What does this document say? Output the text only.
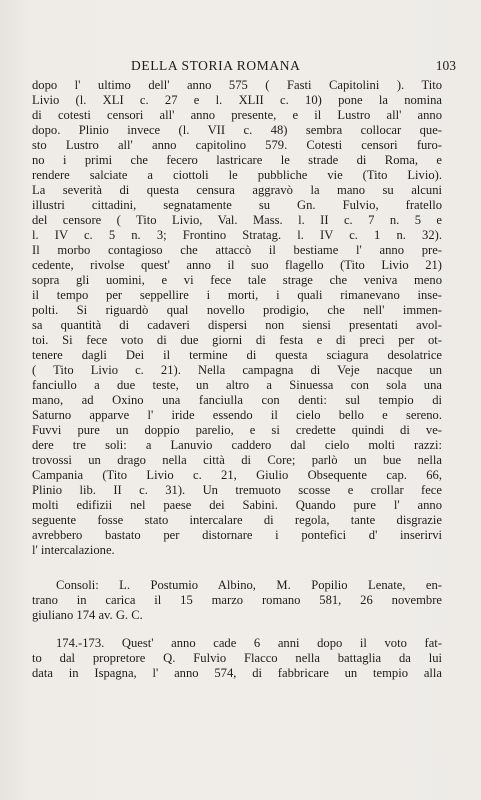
DELLA STORIA ROMANA	103
dopo l' ultimo dell' anno 575 ( Fasti Capitolini ). Tito
Livio (l. XLI c. 27 e l. XLII c. 10) pone la nomina
di cotesti censori all' anno presente, e il Lustro all' anno
dopo. Plinio invece (l. VII c. 48) sembra collocar que-
sto Lustro all' anno capitolino 579. Cotesti censori furo-
no i primi che fecero lastricare le strade di Roma, e
rendere salciate a ciottoli le pubbliche vie (Tito Livio).
La severità di questa censura aggravò la mano su alcuni
illustri cittadini, segnatamente su Gn. Fulvio, fratello
del censore ( Tito Livio, Val. Mass. l. II c. 7 n. 5 e
l. IV c. 5 n. 3; Frontino Stratag. l. IV c. 1 n. 32).
Il morbo contagioso che attaccò il bestiame l' anno pre-
cedente, rivolse quest' anno il suo flagello (Tito Livio 21)
sopra gli uomini, e vi fece tale strage che veniva meno
il tempo per seppellire i morti, i quali rimanevano inse-
polti. Si riguardò qual novello prodigio, che nell' immen-
sa quantità di cadaveri dispersi non siensi presentati avol-
toi. Si fece voto di due giorni di festa e di preci per ot-
tenere dagli Dei il termine di questa sciagura desolatrice
( Tito Livio c. 21). Nella campagna di Veje nacque un
fanciullo a due teste, un altro a Sinuessa con sola una
mano, ad Oxino una fanciulla con denti: sul tempio di
Saturno apparve l' iride essendo il cielo bello e sereno.
Fuvvi pure un doppio parelio, e si credette quindi di ve-
dere tre soli: a Lanuvio caddero dal cielo molti razzi:
trovossi un drago nella città di Core; parlò un bue nella
Campania (Tito Livio c. 21, Giulio Obsequente cap. 66,
Plinio lib. II c. 31). Un tremuoto scosse e crollar fece
molti edifizii nel paese dei Sabini. Quando pure l' anno
seguente fosse stato intercalare di regola, tante disgrazie
avrebbero bastato per distornare i pontefici d' inserirvi
l' intercalazione.
Consoli: L. Postumio Albino, M. Popilio Lenate, en-
trano in carica il 15 marzo romano 581, 26 novembre
giuliano 174 av. G. C.
174.-173. Quest' anno cade 6 anni dopo il voto fat-
to dal propretore Q. Fulvio Flacco nella battaglia da lui
data in Ispagna, l' anno 574, di fabbricare un tempio alla
